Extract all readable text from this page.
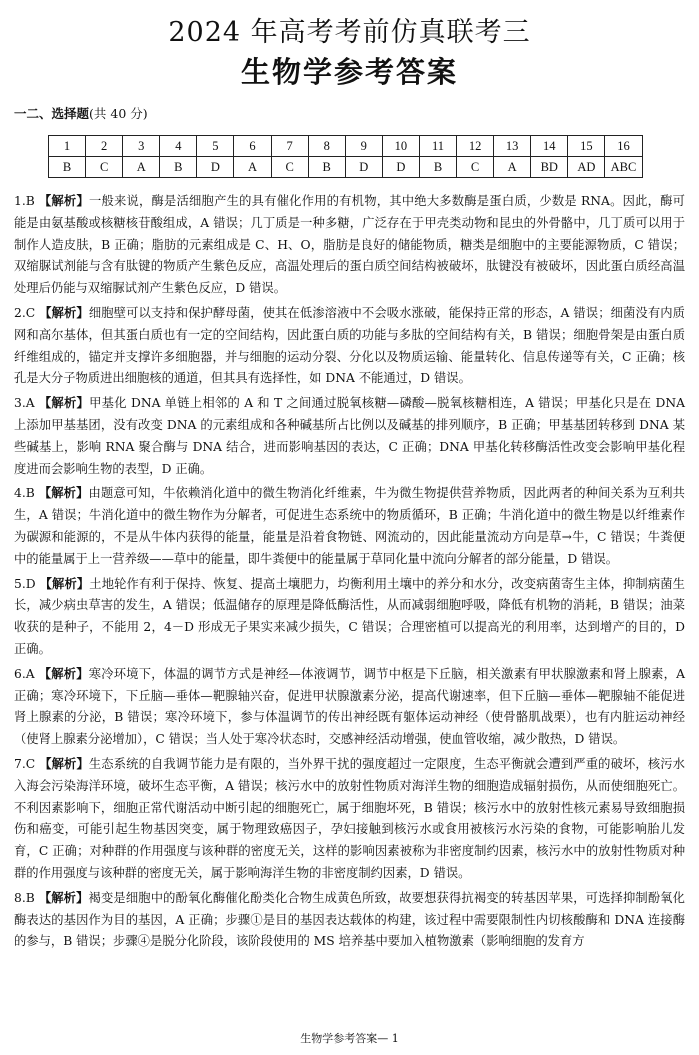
2024 年高考考前仿真联考三
生物学参考答案
一二、选择题(共 40 分)
1	2	3	4	5	6	7	8	9	10	11	12	13	14	15	16
B	C	A	B	D	A	C	B	D	D	B	C	A	BD	AD	ABC
1.B 【解析】一般来说，酶是活细胞产生的具有催化作用的有机物，其中绝大多数酶是蛋白质，少数是 RNA。因此，酶可能是由氨基酸或核糖核苷酸组成，A 错误；几丁质是一种多糖，广泛存在于甲壳类动物和昆虫的外骨骼中，几丁质可以用于制作人造皮肤，B 正确；脂肪的元素组成是 C、H、O，脂肪是良好的储能物质，糖类是细胞中的主要能源物质，C 错误；双缩脲试剂能与含有肽键的物质产生紫色反应，高温处理后的蛋白质空间结构被破坏，肽键没有被破坏，因此蛋白质经高温处理后仍能与双缩脲试剂产生紫色反应，D 错误。
2.C 【解析】细胞壁可以支持和保护酵母菌，使其在低渗溶液中不会吸水涨破，能保持正常的形态，A 错误；细菌没有内质网和高尔基体，但其蛋白质也有一定的空间结构，因此蛋白质的功能与多肽的空间结构有关，B 错误；细胞骨架是由蛋白质纤维组成的，锚定并支撑许多细胞器，并与细胞的运动分裂、分化以及物质运输、能量转化、信息传递等有关，C 正确；核孔是大分子物质进出细胞核的通道，但其具有选择性，如 DNA 不能通过，D 错误。
3.A 【解析】甲基化 DNA 单链上相邻的 A 和 T 之间通过脱氧核糖—磷酸—脱氧核糖相连，A 错误；甲基化只是在 DNA 上添加甲基基团，没有改变 DNA 的元素组成和各种碱基所占比例以及碱基的排列顺序，B 正确；甲基基团转移到 DNA 某些碱基上，影响 RNA 聚合酶与 DNA 结合，进而影响基因的表达，C 正确；DNA 甲基化转移酶活性改变会影响甲基化程度进而会影响生物的表型，D 正确。
4.B 【解析】由题意可知，牛依赖消化道中的微生物消化纤维素，牛为微生物提供营养物质，因此两者的种间关系为互利共生，A 错误；牛消化道中的微生物作为分解者，可促进生态系统中的物质循环，B 正确；牛消化道中的微生物是以纤维素作为碳源和能源的，不是从牛体内获得的能量，能量是沿着食物链、网流动的，因此能量流动方向是草→牛，C 错误；牛粪便中的能量属于上一营养级——草中的能量，即牛粪便中的能量属于草同化量中流向分解者的部分能量，D 错误。
5.D 【解析】土地轮作有利于保持、恢复、提高土壤肥力，均衡利用土壤中的养分和水分，改变病菌寄生主体，抑制病菌生长，减少病虫草害的发生，A 错误；低温储存的原理是降低酶活性，从而减弱细胞呼吸，降低有机物的消耗，B 错误；油菜收获的是种子，不能用 2，4－D 形成无子果实来减少损失，C 错误；合理密植可以提高光的利用率，达到增产的目的，D 正确。
6.A 【解析】寒冷环境下，体温的调节方式是神经—体液调节，调节中枢是下丘脑，相关激素有甲状腺激素和肾上腺素，A 正确；寒冷环境下，下丘脑—垂体—靶腺轴兴奋，促进甲状腺激素分泌，提高代谢速率，但下丘脑—垂体—靶腺轴不能促进肾上腺素的分泌，B 错误；寒冷环境下，参与体温调节的传出神经既有躯体运动神经（使骨骼肌战栗），也有内脏运动神经（使肾上腺素分泌增加），C 错误；当人处于寒冷状态时，交感神经活动增强，使血管收缩，减少散热，D 错误。
7.C 【解析】生态系统的自我调节能力是有限的，当外界干扰的强度超过一定限度，生态平衡就会遭到严重的破坏，核污水入海会污染海洋环境，破坏生态平衡，A 错误；核污水中的放射性物质对海洋生物的细胞造成辐射损伤，从而使细胞死亡。不利因素影响下，细胞正常代谢活动中断引起的细胞死亡，属于细胞坏死，B 错误；核污水中的放射性核元素易导致细胞损伤和癌变，可能引起生物基因突变，属于物理致癌因子，孕妇接触到核污水或食用被核污水污染的食物，可能影响胎儿发育，C 正确；对种群的作用强度与该种群的密度无关，这样的影响因素被称为非密度制约因素，核污水中的放射性物质对种群的作用强度与该种群的密度无关，属于影响海洋生物的非密度制约因素，D 错误。
8.B 【解析】褐变是细胞中的酚氧化酶催化酚类化合物生成黄色所致，故要想获得抗褐变的转基因苹果，可选择抑制酚氧化酶表达的基因作为目的基因，A 正确；步骤①是目的基因表达载体的构建，该过程中需要限制性内切核酸酶和 DNA 连接酶的参与，B 错误；步骤④是脱分化阶段，该阶段使用的 MS 培养基中要加入植物激素（影响细胞的发育方
生物学参考答案— 1
